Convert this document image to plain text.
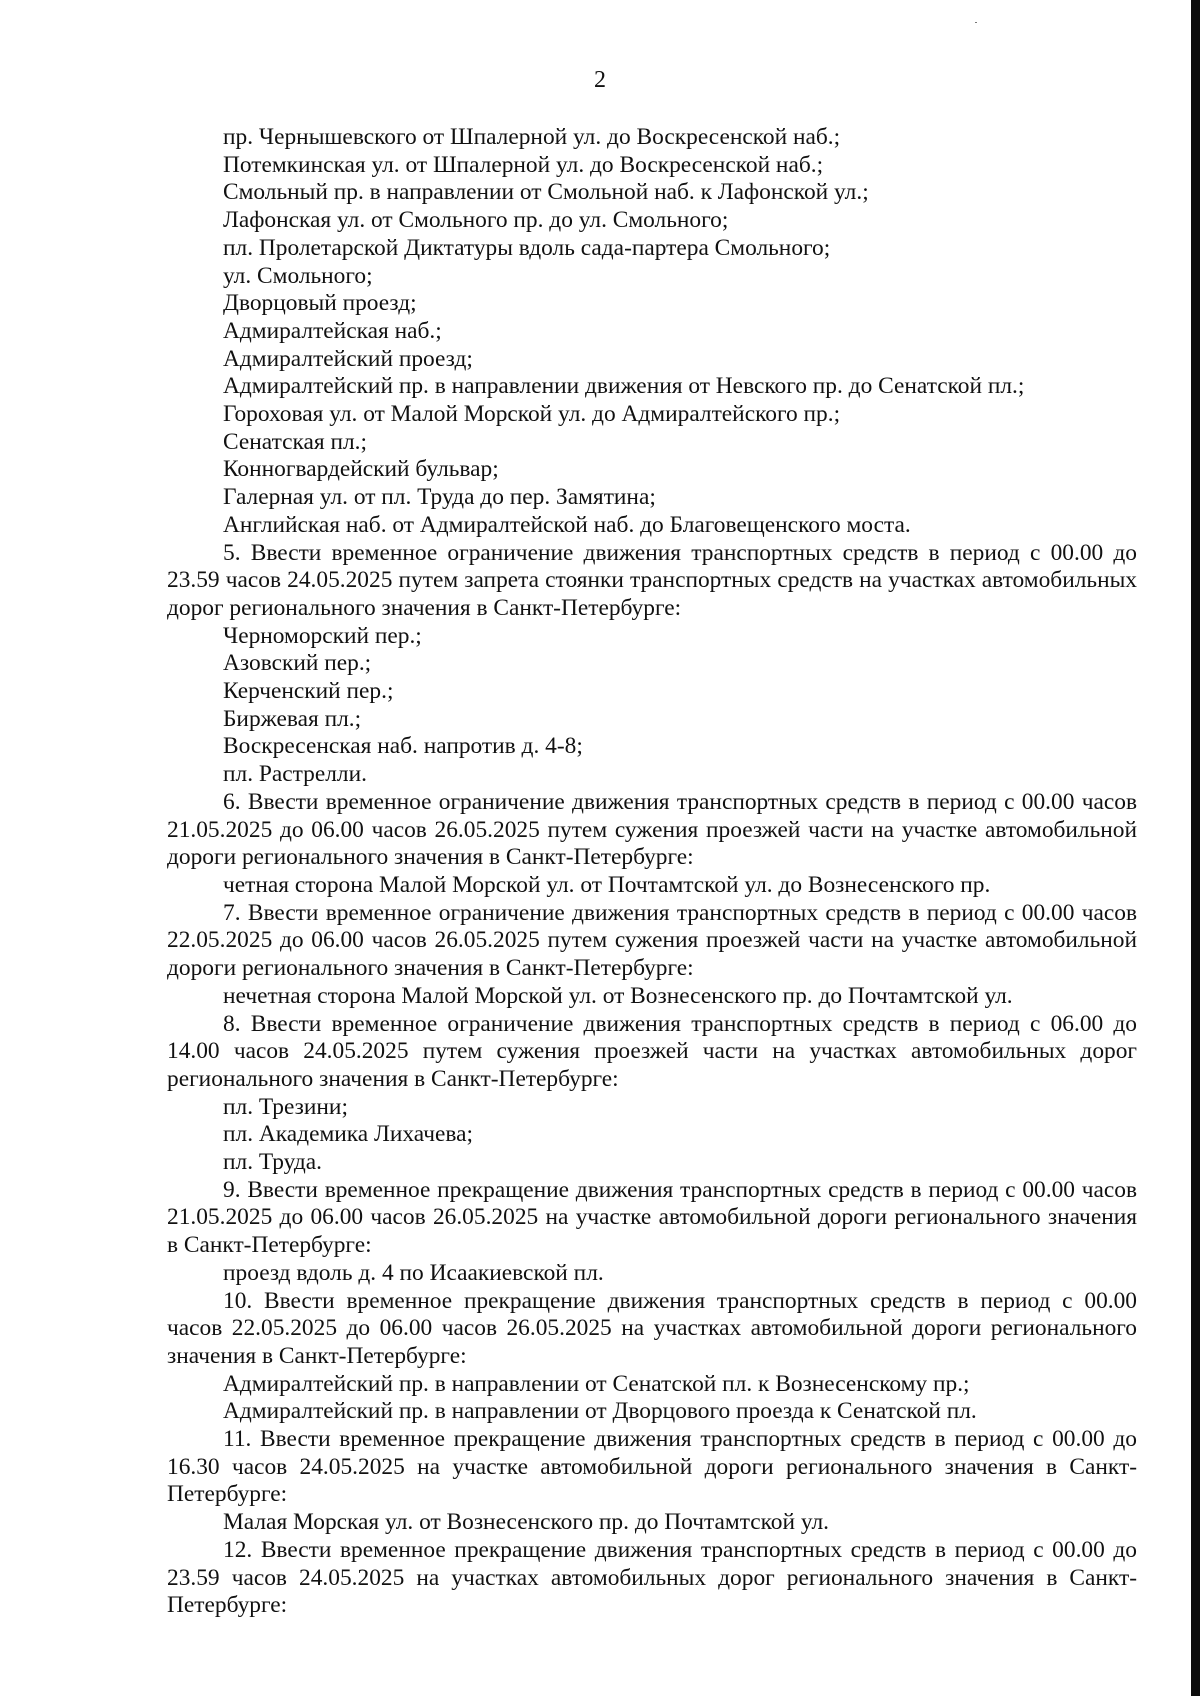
2
пр. Чернышевского от Шпалерной ул. до Воскресенской наб.;
Потемкинская ул. от Шпалерной ул. до Воскресенской наб.;
Смольный пр. в направлении от Смольной наб. к Лафонской ул.;
Лафонская ул. от Смольного пр. до ул. Смольного;
пл. Пролетарской Диктатуры вдоль сада-партера Смольного;
ул. Смольного;
Дворцовый проезд;
Адмиралтейская наб.;
Адмиралтейский проезд;
Адмиралтейский пр. в направлении движения от Невского пр. до Сенатской пл.;
Гороховая ул. от Малой Морской ул. до Адмиралтейского пр.;
Сенатская пл.;
Конногвардейский бульвар;
Галерная ул. от пл. Труда до пер. Замятина;
Английская наб. от Адмиралтейской наб. до Благовещенского моста.
5. Ввести временное ограничение движения транспортных средств в период с 00.00 до 23.59 часов 24.05.2025 путем запрета стоянки транспортных средств на участках автомобильных дорог регионального значения в Санкт-Петербурге:
Черноморский пер.;
Азовский пер.;
Керченский пер.;
Биржевая пл.;
Воскресенская наб. напротив д. 4-8;
пл. Растрелли.
6. Ввести временное ограничение движения транспортных средств в период с 00.00 часов 21.05.2025 до 06.00 часов 26.05.2025 путем сужения проезжей части на участке автомобильной дороги регионального значения в Санкт-Петербурге:
четная сторона Малой Морской ул. от Почтамтской ул. до Вознесенского пр.
7. Ввести временное ограничение движения транспортных средств в период с 00.00 часов 22.05.2025 до 06.00 часов 26.05.2025 путем сужения проезжей части на участке автомобильной дороги регионального значения в Санкт-Петербурге:
нечетная сторона Малой Морской ул. от Вознесенского пр. до Почтамтской ул.
8. Ввести временное ограничение движения транспортных средств в период с 06.00 до 14.00 часов 24.05.2025 путем сужения проезжей части на участках автомобильных дорог регионального значения в Санкт-Петербурге:
пл. Трезини;
пл. Академика Лихачева;
пл. Труда.
9. Ввести временное прекращение движения транспортных средств в период с 00.00 часов 21.05.2025 до 06.00 часов 26.05.2025 на участке автомобильной дороги регионального значения в Санкт-Петербурге:
проезд вдоль д. 4 по Исаакиевской пл.
10. Ввести временное прекращение движения транспортных средств в период с 00.00 часов 22.05.2025 до 06.00 часов 26.05.2025 на участках автомобильной дороги регионального значения в Санкт-Петербурге:
Адмиралтейский пр. в направлении от Сенатской пл. к Вознесенскому пр.;
Адмиралтейский пр. в направлении от Дворцового проезда к Сенатской пл.
11. Ввести временное прекращение движения транспортных средств в период с 00.00 до 16.30 часов 24.05.2025 на участке автомобильной дороги регионального значения в Санкт-Петербурге:
Малая Морская ул. от Вознесенского пр. до Почтамтской ул.
12. Ввести временное прекращение движения транспортных средств в период с 00.00 до 23.59 часов 24.05.2025 на участках автомобильных дорог регионального значения в Санкт-Петербурге:
